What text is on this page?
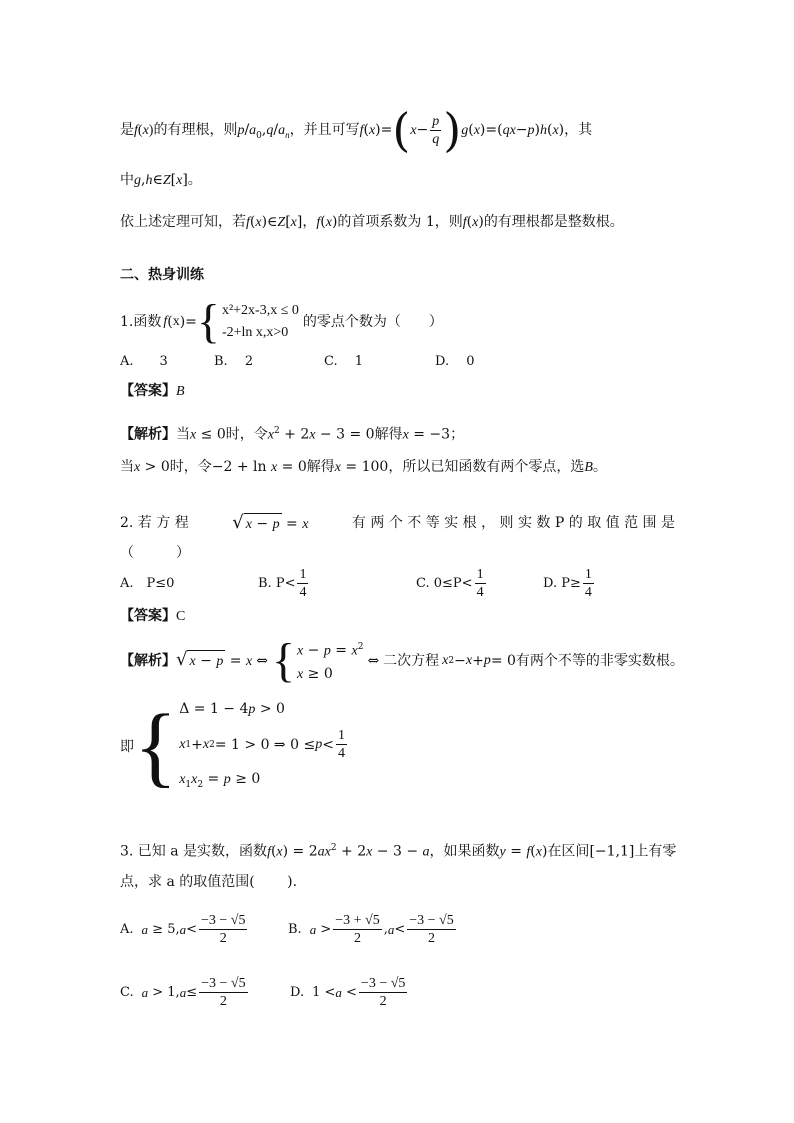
是f(x)的有理根，则$p/a_0,q/a_n$，并且可写$f(x)=(x- \frac{p}{q} )g(x)=(qx-p)h(x)$，其
中g,h∈Z[x]。
依上述定理可知，若f(x)∈Z[x]，f(x)的首项系数为 1，则f(x)的有理根都是整数根。
二、热身训练
1.函数 f ( x )= { x²+2x-3,x ≤ 0
-2+ln x,x>0
的零点个数为（　　）
A.　　3	B.　 2	C.　 1	D.　 0
【答案】B
【解析】当x ≤ 0时，令$x^2 + 2x - 3 = 0$解得x = −3；
当x > 0时，令−2 + ln x = 0解得x = 100，所以已知函数有两个零点，选B。
2. 若 方 程 √ x − p = x	有 两 个 不 等 实 根 ， 则 实 数 P 的 取 值 范 围 是
（　　　）
A.　P≤0	B. $P< \frac{1}{4}$	C. $0\le P< \frac{1}{4}$	D. $P\ge \frac{1}{4}$
【答案】C
【解析】 √ x − p = x ⇔ { $x - p = x^2$
x ≥ 0
⇔ 二次方程 x 2 − x + p = 0 有两个不等的非零实数根。
即 { Δ = 1 − 4p > 0
x 1 + x 2 = 1 > 0 ⇒ $0 \le p < \frac{1}{4}$
$x_1x_2 = p \ge 0$
3. 已知 a 是实数，函数$f(x) = 2ax^2 + 2x - 3 - a$，如果函数y = f(x)在区间[−1,1]上有零
点，求 a 的取值范围(　　 ).
A. a ≥ 5, $a < \frac{-3 - √5}{2}$	B. $a > \frac{-3 + √5}{2}$ , $a < \frac{-3 - √5}{2}$
C. a > 1, $a \le \frac{-3 - √5}{2}$	D. $1 < a < \frac{-3 - √5}{2}$
